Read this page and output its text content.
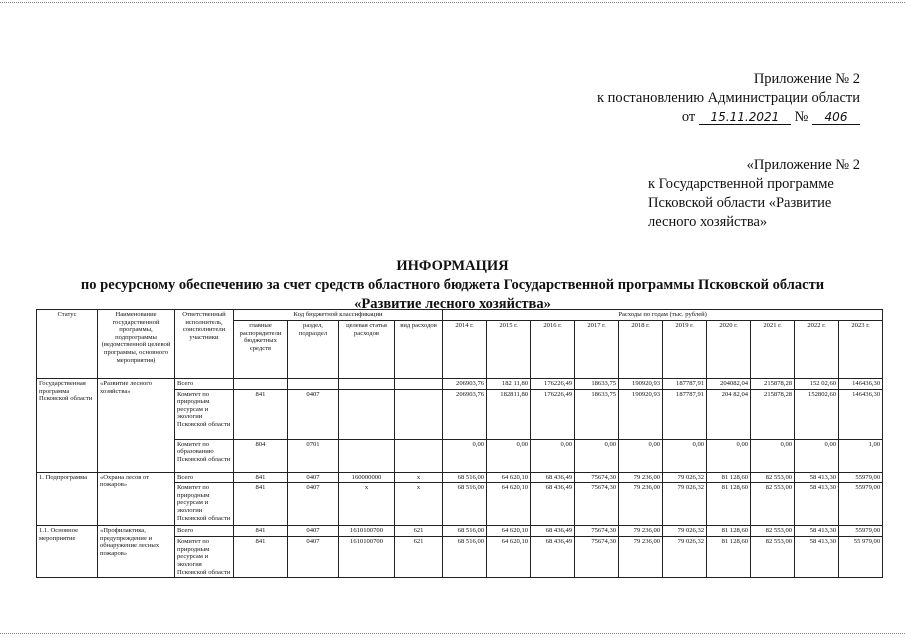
Приложение № 2
к постановлению Администрации области
от 15.11.2021 № 406
«Приложение № 2
к Государственной программе
Псковской области «Развитие
лесного хозяйства»
ИНФОРМАЦИЯ
по ресурсному обеспечению за счет средств областного бюджета Государственной программы Псковской области
«Развитие лесного хозяйства»
Статус	Наименование государственной программы, подпрограммы (ведомственной целевой программы, основного мероприятия)	Ответственный исполнитель, соисполнители участники	Код бюджетной классификации				Расходы по годам (тыс. рублей)									
			главные распорядители бюджетных средств	раздел, подраздел	целевая статья расходов	вид расходов	2014 г.	2015 г.	2016 г.	2017 г.	2018 г.	2019 г.	2020 г.	2021 г.	2022 г.	2023 г.
Государственная программа Псковской области	«Развитие лесного хозяйства»	Всего					206903,76	182 11,80	176226,49	18633,75	190920,93	187787,91	204082,04	215878,28	152 02,60	146436,30
		Комитет по природным ресурсам и экологии Псковской области	841	0407			206903,76	182811,80	176226,49	18633,75	190920,93	187787,91	204 82,04	215878,28	152802,60	146436,30
		Комитет по образованию Псковской области	804	0701			0,00	0,00	0,00	0,00	0,00	0,00	0,00	0,00	0,00	1,00
1. Подпрограмма	«Охрана лесов от пожаров»	Всего	841	0407	160000000	х	68 516,00	64 620,10	68 436,49	75674,30	79 236,00	79 026,32	81 128,60	82 553,00	58 413,30	55979,00
		Комитет по природным ресурсам и экологии Псковской области	841	0407	х	х	68 516,00	64 620,10	68 436,49	75674,30	79 236,00	79 026,32	81 128,60	82 553,00	58 413,30	55979,00
1.1. Основное мероприятие	«Профилактика, предупреждение и обнаружение лесных пожаров»	Всего	841	0407	1610100700	621	68 516,00	64 620,10	68 436,49	75674,30	79 236,00	79 026,32	81 128,60	82 553,00	58 413,30	55979,00
		Комитет по природным ресурсам и экология Псковской области	841	0407	1610100700	621	68 516,00	64 620,10	68 436,49	75674,30	79 236,00	79 026,32	81 128,60	82 553,00	58 413,30	55 979,00
